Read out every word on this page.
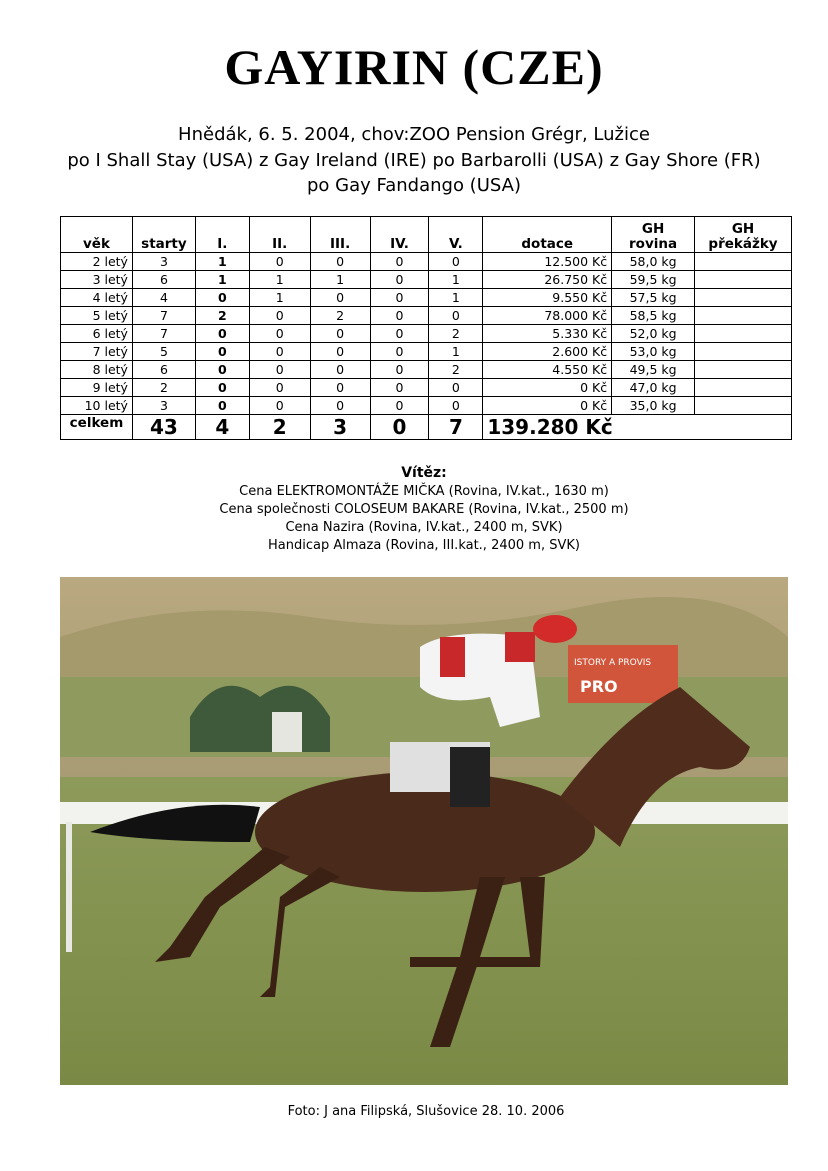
GAYIRIN (CZE)
Hnědák, 6. 5. 2004, chov:ZOO Pension Grégr, Lužice
po I Shall Stay (USA) z Gay Ireland (IRE) po Barbarolli (USA) z Gay Shore (FR)
po Gay Fandango (USA)
věk	starty	I.	II.	III.	IV.	V.	dotace	GH rovina	GH překážky
2 letý	3	1	0	0	0	0	12.500 Kč	58,0 kg	
3 letý	6	1	1	1	0	1	26.750 Kč	59,5 kg	
4 letý	4	0	1	0	0	1	9.550 Kč	57,5 kg	
5 letý	7	2	0	2	0	0	78.000 Kč	58,5 kg	
6 letý	7	0	0	0	0	2	5.330 Kč	52,0 kg	
7 letý	5	0	0	0	0	1	2.600 Kč	53,0 kg	
8 letý	6	0	0	0	0	2	4.550 Kč	49,5 kg	
9 letý	2	0	0	0	0	0	0 Kč	47,0 kg	
10 letý	3	0	0	0	0	0	0 Kč	35,0 kg	
celkem	43	4	2	3	0	7	139.280 Kč		
Vítěz:
Cena ELEKTROMONTÁŽE MIČKA (Rovina, IV.kat., 1630 m)
Cena společnosti COLOSEUM BAKARE (Rovina, IV.kat., 2500 m)
Cena Nazira (Rovina, IV.kat., 2400 m, SVK)
Handicap Almaza (Rovina, III.kat., 2400 m, SVK)
ISTORY A PROVIS
PRO
Foto: J ana Filipská, Slušovice 28. 10. 2006
